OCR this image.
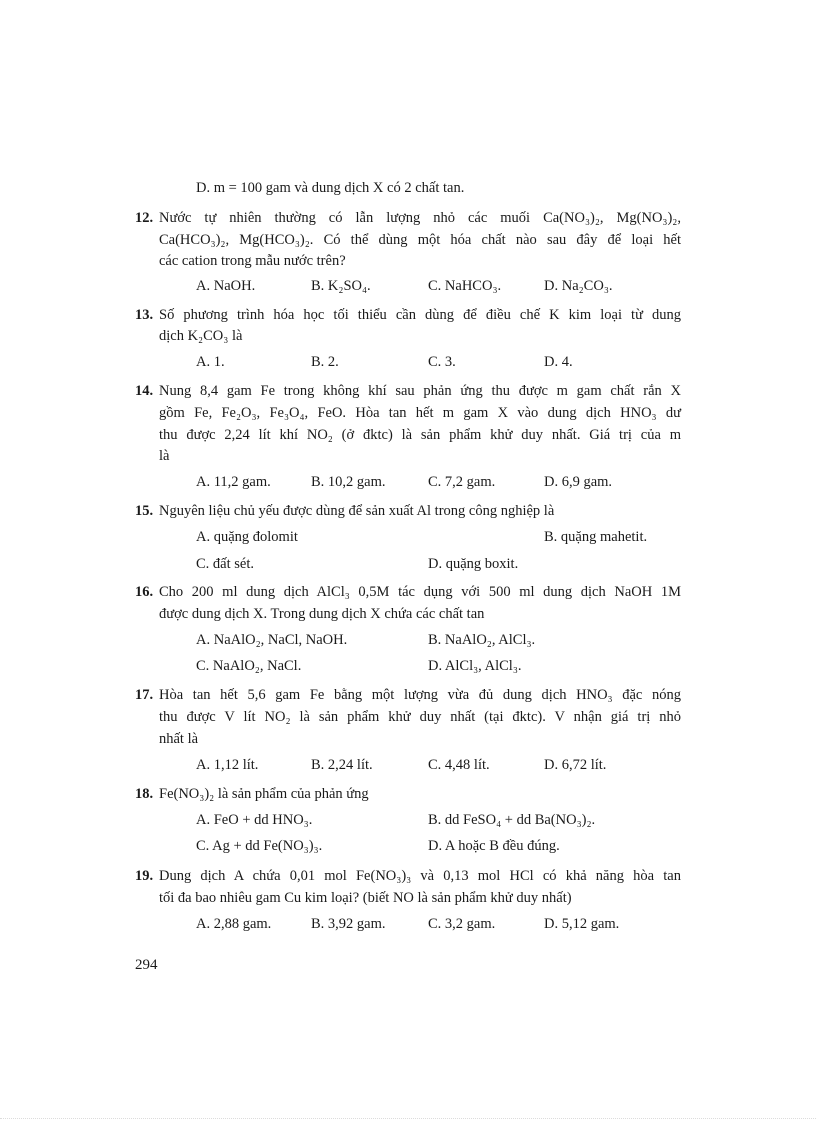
D. m = 100 gam và dung dịch X có 2 chất tan.
12. Nước tự nhiên thường có lẫn lượng nhỏ các muối Ca(NO₃)₂, Mg(NO₃)₂,
Ca(HCO₃)₂, Mg(HCO₃)₂. Có thể dùng một hóa chất nào sau đây để loại hết
các cation trong mẫu nước trên?
A. NaOH.	B. K₂SO₄.	C. NaHCO₃.	D. Na₂CO₃.
13. Số phương trình hóa học tối thiểu cần dùng để điều chế K kim loại từ dung
dịch K₂CO₃ là
A. 1.	B. 2.	C. 3.	D. 4.
14. Nung 8,4 gam Fe trong không khí sau phản ứng thu được m gam chất rắn X
gồm Fe, Fe₂O₃, Fe₃O₄, FeO. Hòa tan hết m gam X vào dung dịch HNO₃ dư
thu được 2,24 lít khí NO₂ (ở đktc) là sản phẩm khử duy nhất. Giá trị của m
là
A. 11,2 gam.	B. 10,2 gam.	C. 7,2 gam.	D. 6,9 gam.
15. Nguyên liệu chủ yếu được dùng để sản xuất Al trong công nghiệp là
A. quặng đolomit	B. quặng mahetit.
C. đất sét.	D. quặng boxit.
16. Cho 200 ml dung dịch AlCl₃ 0,5M tác dụng với 500 ml dung dịch NaOH 1M
được dung dịch X. Trong dung dịch X chứa các chất tan
A. NaAlO₂, NaCl, NaOH.	B. NaAlO₂, AlCl₃.
C. NaAlO₂, NaCl.	D. AlCl₃, AlCl₃.
17. Hòa tan hết 5,6 gam Fe bằng một lượng vừa đủ dung dịch HNO₃ đặc nóng
thu được V lít NO₂ là sản phẩm khử duy nhất (tại đktc). V nhận giá trị nhỏ
nhất là
A. 1,12 lít.	B. 2,24 lít.	C. 4,48 lít.	D. 6,72 lít.
18. Fe(NO₃)₂ là sản phẩm của phản ứng
A. FeO + dd HNO₃.	B. dd FeSO₄ + dd Ba(NO₃)₂.
C. Ag + dd Fe(NO₃)₃.	D. A hoặc B đều đúng.
19. Dung dịch A chứa 0,01 mol Fe(NO₃)₃ và 0,13 mol HCl có khả năng hòa tan
tối đa bao nhiêu gam Cu kim loại? (biết NO là sản phẩm khử duy nhất)
A. 2,88 gam.	B. 3,92 gam.	C. 3,2 gam.	D. 5,12 gam.
294
